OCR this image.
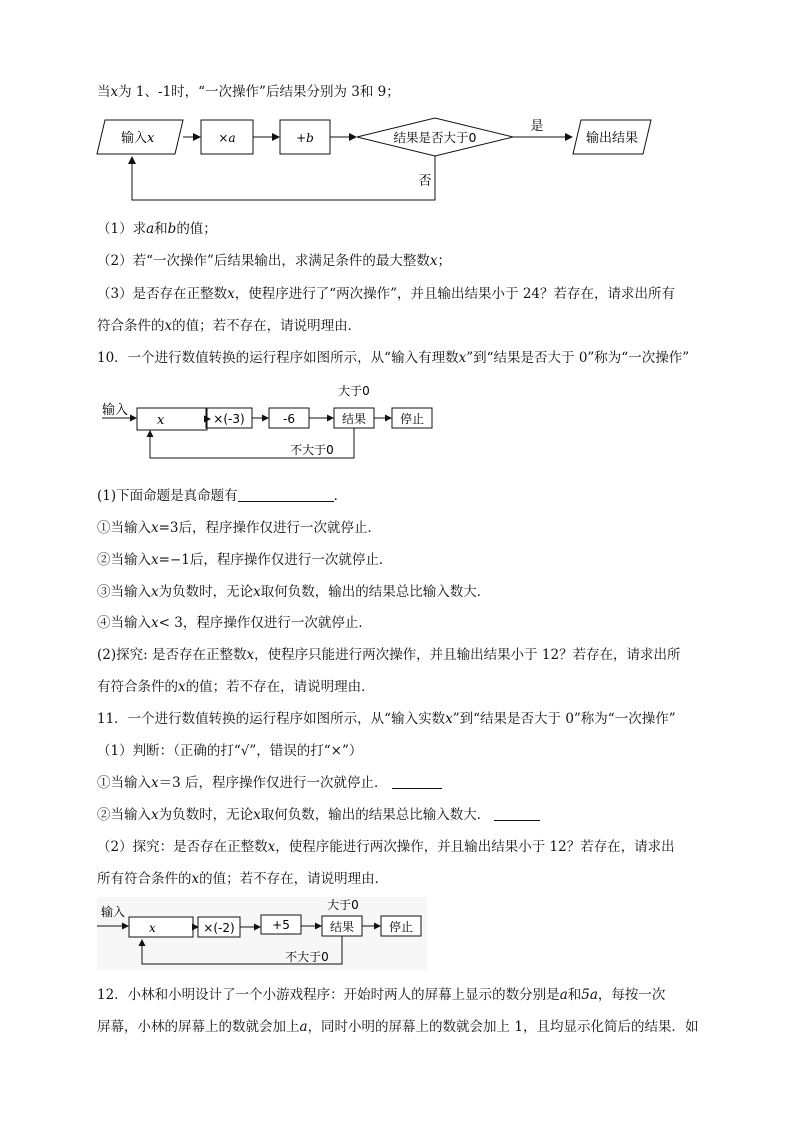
当x为 1、-1时，“一次操作”后结果分别为 3和 9；
输入x	×a	+b	结果是否大于0
是
输出结果
否
（1）求a和b的值；
（2）若“一次操作”后结果输出，求满足条件的最大整数x；
（3）是否存在正整数x，使程序进行了“两次操作”，并且输出结果小于 24？若存在，请求出所有
符合条件的x的值；若不存在，请说明理由．
10．一个进行数值转换的运行程序如图所示，从“输入有理数x”到“结果是否大于 0”称为“一次操作”
输入
x	×(-3)	-6	结果	停止
大于0
不大于0
(1)下面命题是真命题有	．
①当输入x=3后，程序操作仅进行一次就停止．
②当输入x=−1后，程序操作仅进行一次就停止．
③当输入x为负数时，无论x取何负数，输出的结果总比输入数大．
④当输入x< 3，程序操作仅进行一次就停止．
(2)探究: 是否存在正整数x，使程序只能进行两次操作，并且输出结果小于 12？若存在，请求出所
有符合条件的x的值；若不存在，请说明理由．
11．一个进行数值转换的运行程序如图所示，从“输入实数x”到“结果是否大于 0”称为“一次操作”
（1）判断：（正确的打“√”，错误的打“×”）
①当输入x＝3 后，程序操作仅进行一次就停止．
②当输入x为负数时，无论x取何负数，输出的结果总比输入数大．
（2）探究：是否存在正整数x，使程序能进行两次操作，并且输出结果小于 12？若存在，请求出
所有符合条件的x的值；若不存在，请说明理由．
输入
x	×(-2)	+5	结果	停止
大于0
不大于0
12．小林和小明设计了一个小游戏程序：开始时两人的屏幕上显示的数分别是a和5a，每按一次
屏幕，小林的屏幕上的数就会加上a，同时小明的屏幕上的数就会加上 1，且均显示化简后的结果．如
